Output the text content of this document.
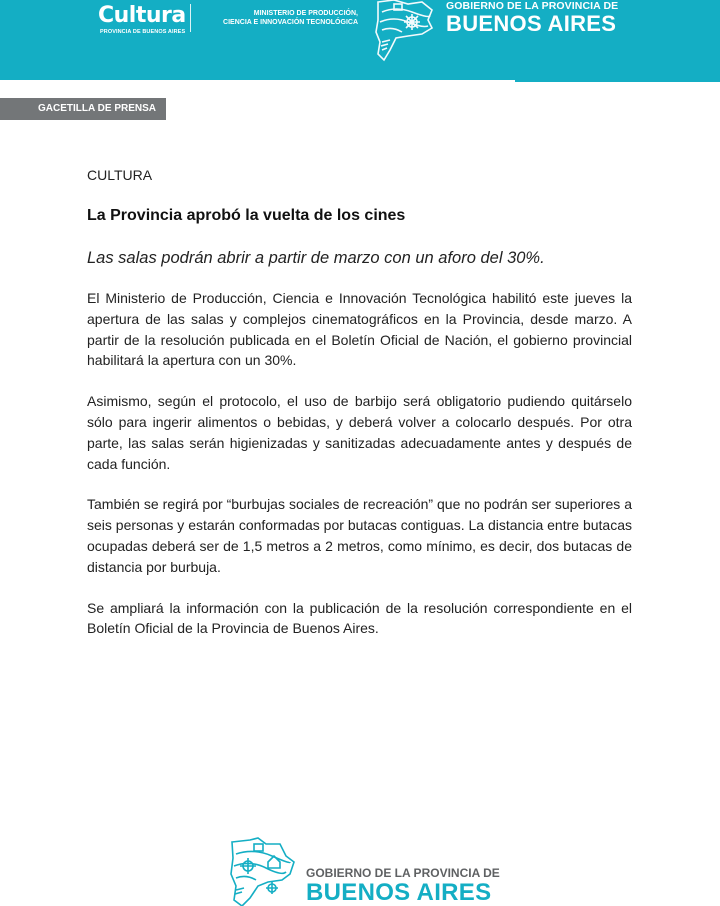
Cultura
PROVINCIA DE BUENOS AIRES
MINISTERIO DE PRODUCCIÓN,
CIENCIA E INNOVACIÓN TECNOLÓGICA
GOBIERNO DE LA PROVINCIA DE
BUENOS AIRES
GACETILLA DE PRENSA

CULTURA

La Provincia aprobó la vuelta de los cines

Las salas podrán abrir a partir de marzo con un aforo del 30%.

El Ministerio de Producción, Ciencia e Innovación Tecnológica habilitó este jueves la apertura de las salas y complejos cinematográficos en la Provincia, desde marzo. A partir de la resolución publicada en el Boletín Oficial de Nación, el gobierno provincial habilitará la apertura con un 30%.

Asimismo, según el protocolo, el uso de barbijo será obligatorio pudiendo quitárselo sólo para ingerir alimentos o bebidas, y deberá volver a colocarlo después. Por otra parte, las salas serán higienizadas y sanitizadas adecuadamente antes y después de cada función.

También se regirá por “burbujas sociales de recreación” que no podrán ser superiores a seis personas y estarán conformadas por butacas contiguas. La distancia entre butacas ocupadas deberá ser de 1,5 metros a 2 metros, como mínimo, es decir, dos butacas de distancia por burbuja.

Se ampliará la información con la publicación de la resolución correspondiente en el Boletín Oficial de la Provincia de Buenos Aires.

GOBIERNO DE LA PROVINCIA DE
BUENOS AIRES
